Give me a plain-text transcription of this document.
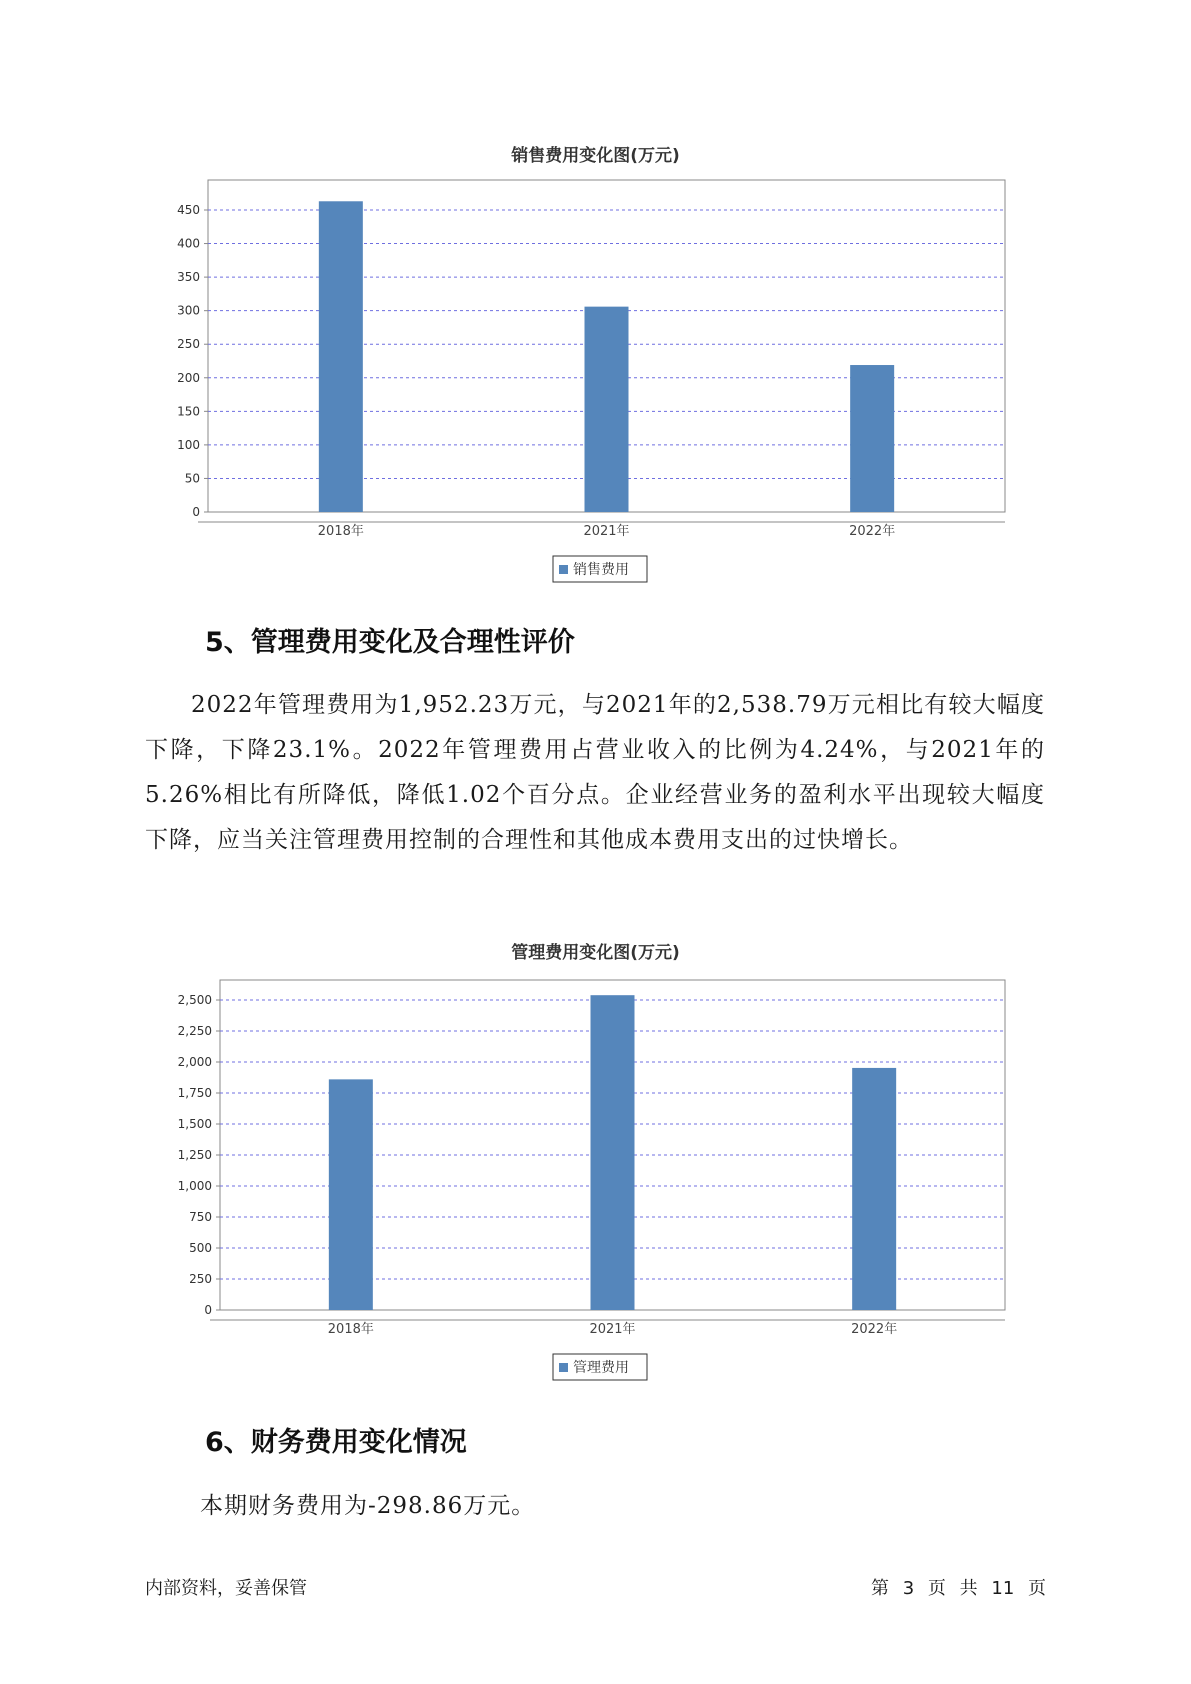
销售费用变化图(万元)
0
50
100
150
200
250
300
350
400
450
2018年	2021年	2022年
销售费用
5、管理费用变化及合理性评价

2022年管理费用为1,952.23万元，与2021年的2,538.79万元相比有较大幅度下降，下降23.1%。2022年管理费用占营业收入的比例为4.24%，与2021年的5.26%相比有所降低，降低1.02个百分点。企业经营业务的盈利水平出现较大幅度下降，应当关注管理费用控制的合理性和其他成本费用支出的过快增长。

管理费用变化图(万元)
0
250
500
750
1,000
1,250
1,500
1,750
2,000
2,250
2,500
2018年	2021年	2022年
管理费用
6、财务费用变化情况

本期财务费用为-298.86万元。

内部资料，妥善保管	第 3 页 共 11 页
